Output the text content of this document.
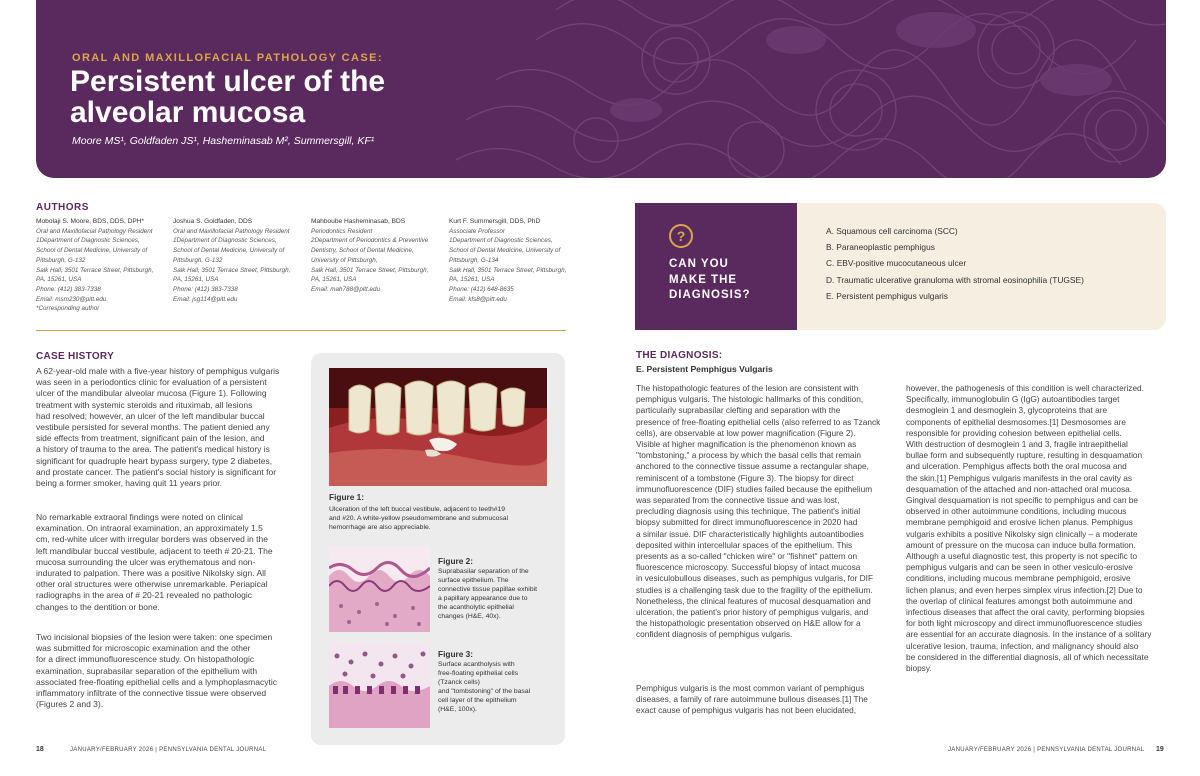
ORAL AND MAXILLOFACIAL PATHOLOGY CASE:
Persistent ulcer of the
alveolar mucosa
Moore MS¹, Goldfaden JS¹, Hasheminasab M², Summersgill, KF¹
AUTHORS
Mobolaji S. Moore, BDS, DDS, DPH*
Oral and Maxillofacial Pathology Resident
1Department of Diagnostic Sciences,
School of Dental Medicine, University of
Pittsburgh, G-132
Salk Hall, 3501 Terrace Street, Pittsburgh,
PA, 15261, USA
Phone: (412) 383-7338
Email: msm230@pitt.edu
*Corresponding author
Joshua S. Goldfaden, DDS
Oral and Maxillofacial Pathology Resident
1Department of Diagnostic Sciences,
School of Dental Medicine, University of
Pittsburgh, G-132
Salk Hall, 3501 Terrace Street, Pittsburgh,
PA, 15261, USA
Phone: (412) 383-7338
Email: jsg114@pitt.edu
Mahboube Hasheminasab, BDS
Periodontics Resident
2Department of Periodontics & Preventive
Dentistry, School of Dental Medicine,
University of Pittsburgh,
Salk Hall, 3501 Terrace Street, Pittsburgh,
PA, 15261, USA
Email: mah788@pitt.edu
Kurt F. Summersgill, DDS, PhD
Associate Professor
1Department of Diagnostic Sciences,
School of Dental Medicine, University of
Pittsburgh, G-134
Salk Hall, 3501 Terrace Street, Pittsburgh,
PA, 15261, USA
Phone: (412) 648-8635
Email: kfs8@pitt.edu
?
CAN YOU
MAKE THE
DIAGNOSIS?
A. Squamous cell carcinoma (SCC)
B. Paraneoplastic pemphigus
C. EBV-positive mucocutaneous ulcer
D. Traumatic ulcerative granuloma with stromal eosinophilia (TUGSE)
E. Persistent pemphigus vulgaris
CASE HISTORY
A 62-year-old male with a five-year history of pemphigus vulgaris
was seen in a periodontics clinic for evaluation of a persistent
ulcer of the mandibular alveolar mucosa (Figure 1). Following
treatment with systemic steroids and rituximab, all lesions
had resolved; however, an ulcer of the left mandibular buccal
vestibule persisted for several months. The patient denied any
side effects from treatment, significant pain of the lesion, and
a history of trauma to the area. The patient's medical history is
significant for quadruple heart bypass surgery, type 2 diabetes,
and prostate cancer. The patient's social history is significant for
being a former smoker, having quit 11 years prior.
No remarkable extraoral findings were noted on clinical
examination. On intraoral examination, an approximately 1.5
cm, red-white ulcer with irregular borders was observed in the
left mandibular buccal vestibule, adjacent to teeth # 20-21. The
mucosa surrounding the ulcer was erythematous and non-
indurated to palpation. There was a positive Nikolsky sign. All
other oral structures were otherwise unremarkable. Periapical
radiographs in the area of # 20-21 revealed no pathologic
changes to the dentition or bone.
Two incisional biopsies of the lesion were taken: one specimen
was submitted for microscopic examination and the other
for a direct immunofluorescence study. On histopathologic
examination, suprabasilar separation of the epithelium with
associated free-floating epithelial cells and a lymphoplasmacytic
inflammatory infiltrate of the connective tissue were observed
(Figures 2 and 3).
Figure 1:
Ulceration of the left buccal vestibule, adjacent to teeth#19
and #20. A white-yellow pseudomembrane and submucosal
hemorrhage are also appreciable.
Figure 2:
Suprabasilar separation of the
surface epithelium. The
connective tissue papillae exhibit
a papillary appearance due to
the acantholytic epithelial
changes (H&E, 40x).
Figure 3:
Surface acantholysis with
free-floating epithelial cells
(Tzanck cells)
and "tombstoning" of the basal
cell layer of the epithelium
(H&E, 100x).
THE DIAGNOSIS:
E. Persistent Pemphigus Vulgaris
The histopathologic features of the lesion are consistent with
pemphigus vulgaris. The histologic hallmarks of this condition,
particularly suprabasilar clefting and separation with the
presence of free-floating epithelial cells (also referred to as Tzanck
cells), are observable at low power magnification (Figure 2).
Visible at higher magnification is the phenomenon known as
"tombstoning," a process by which the basal cells that remain
anchored to the connective tissue assume a rectangular shape,
reminiscent of a tombstone (Figure 3). The biopsy for direct
immunofluorescence (DIF) studies failed because the epithelium
was separated from the connective tissue and was lost,
precluding diagnosis using this technique. The patient's initial
biopsy submitted for direct immunofluorescence in 2020 had
a similar issue. DIF characteristically highlights autoantibodies
deposited within intercellular spaces of the epithelium. This
presents as a so-called "chicken wire" or "fishnet" pattern on
fluorescence microscopy. Successful biopsy of intact mucosa
in vesiculobullous diseases, such as pemphigus vulgaris, for DIF
studies is a challenging task due to the fragility of the epithelium.
Nonetheless, the clinical features of mucosal desquamation and
ulceration, the patient's prior history of pemphigus vulgaris, and
the histopathologic presentation observed on H&E allow for a
confident diagnosis of pemphigus vulgaris.
Pemphigus vulgaris is the most common variant of pemphigus
diseases, a family of rare autoimmune bullous diseases.[1] The
exact cause of pemphigus vulgaris has not been elucidated,
however, the pathogenesis of this condition is well characterized.
Specifically, immunoglobulin G (IgG) autoantibodies target
desmoglein 1 and desmoglein 3, glycoproteins that are
components of epithelial desmosomes.[1] Desmosomes are
responsible for providing cohesion between epithelial cells.
With destruction of desmoglein 1 and 3, fragile intraepithelial
bullae form and subsequently rupture, resulting in desquamation
and ulceration. Pemphigus affects both the oral mucosa and
the skin.[1] Pemphigus vulgaris manifests in the oral cavity as
desquamation of the attached and non-attached oral mucosa.
Gingival desquamation is not specific to pemphigus and can be
observed in other autoimmune conditions, including mucous
membrane pemphigoid and erosive lichen planus. Pemphigus
vulgaris exhibits a positive Nikolsky sign clinically – a moderate
amount of pressure on the mucosa can induce bulla formation.
Although a useful diagnostic test, this property is not specific to
pemphigus vulgaris and can be seen in other vesiculo-erosive
conditions, including mucous membrane pemphigoid, erosive
lichen planus, and even herpes simplex virus infection.[2] Due to
the overlap of clinical features amongst both autoimmune and
infectious diseases that affect the oral cavity, performing biopsies
for both light microscopy and direct immunofluorescence studies
are essential for an accurate diagnosis. In the instance of a solitary
ulcerative lesion, trauma, infection, and malignancy should also
be considered in the differential diagnosis, all of which necessitate
biopsy.
18	JANUARY/FEBRUARY 2026 | PENNSYLVANIA DENTAL JOURNAL	JANUARY/FEBRUARY 2026 | PENNSYLVANIA DENTAL JOURNAL 19
